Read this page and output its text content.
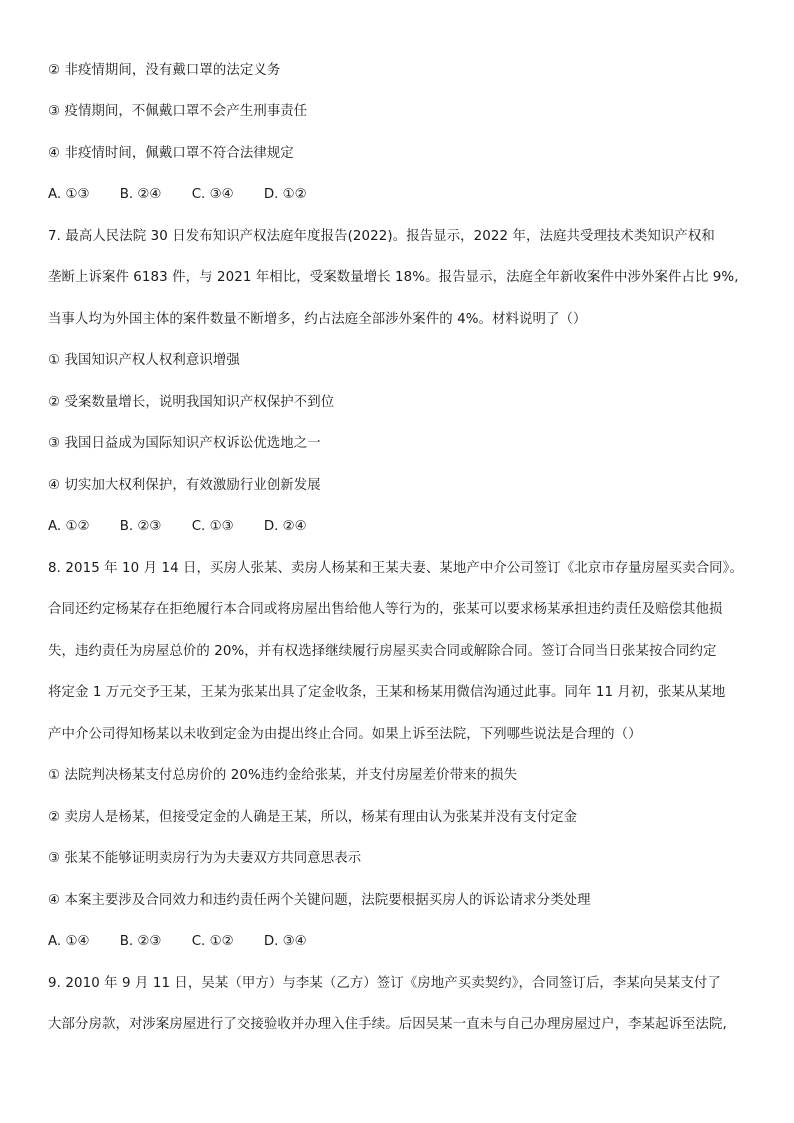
② 非疫情期间，没有戴口罩的法定义务
③ 疫情期间，不佩戴口罩不会产生刑事责任
④ 非疫情时间，佩戴口罩不符合法律规定
A. ①③ B. ②④ C. ③④ D. ①②
7. 最高人民法院 30 日发布知识产权法庭年度报告(2022)。报告显示，2022 年，法庭共受理技术类知识产权和
垄断上诉案件 6183 件，与 2021 年相比，受案数量增长 18%。报告显示，法庭全年新收案件中涉外案件占比 9%,
当事人均为外国主体的案件数量不断增多，约占法庭全部涉外案件的 4%。材料说明了（）
① 我国知识产权人权利意识增强
② 受案数量增长，说明我国知识产权保护不到位
③ 我国日益成为国际知识产权诉讼优选地之一
④ 切实加大权利保护，有效激励行业创新发展
A. ①② B. ②③ C. ①③ D. ②④
8. 2015 年 10 月 14 日，买房人张某、卖房人杨某和王某夫妻、某地产中介公司签订《北京市存量房屋买卖合同》。
合同还约定杨某存在拒绝履行本合同或将房屋出售给他人等行为的，张某可以要求杨某承担违约责任及赔偿其他损
失，违约责任为房屋总价的 20%，并有权选择继续履行房屋买卖合同或解除合同。签订合同当日张某按合同约定
将定金 1 万元交予王某，王某为张某出具了定金收条，王某和杨某用微信沟通过此事。同年 11 月初，张某从某地
产中介公司得知杨某以未收到定金为由提出终止合同。如果上诉至法院，下列哪些说法是合理的（）
① 法院判决杨某支付总房价的 20%违约金给张某，并支付房屋差价带来的损失
② 卖房人是杨某，但接受定金的人确是王某，所以，杨某有理由认为张某并没有支付定金
③ 张某不能够证明卖房行为为夫妻双方共同意思表示
④ 本案主要涉及合同效力和违约责任两个关键问题，法院要根据买房人的诉讼请求分类处理
A. ①④ B. ②③ C. ①② D. ③④
9. 2010 年 9 月 11 日，吴某（甲方）与李某（乙方）签订《房地产买卖契约》，合同签订后，李某向吴某支付了
大部分房款，对涉案房屋进行了交接验收并办理入住手续。后因吴某一直未与自己办理房屋过户，李某起诉至法院,
